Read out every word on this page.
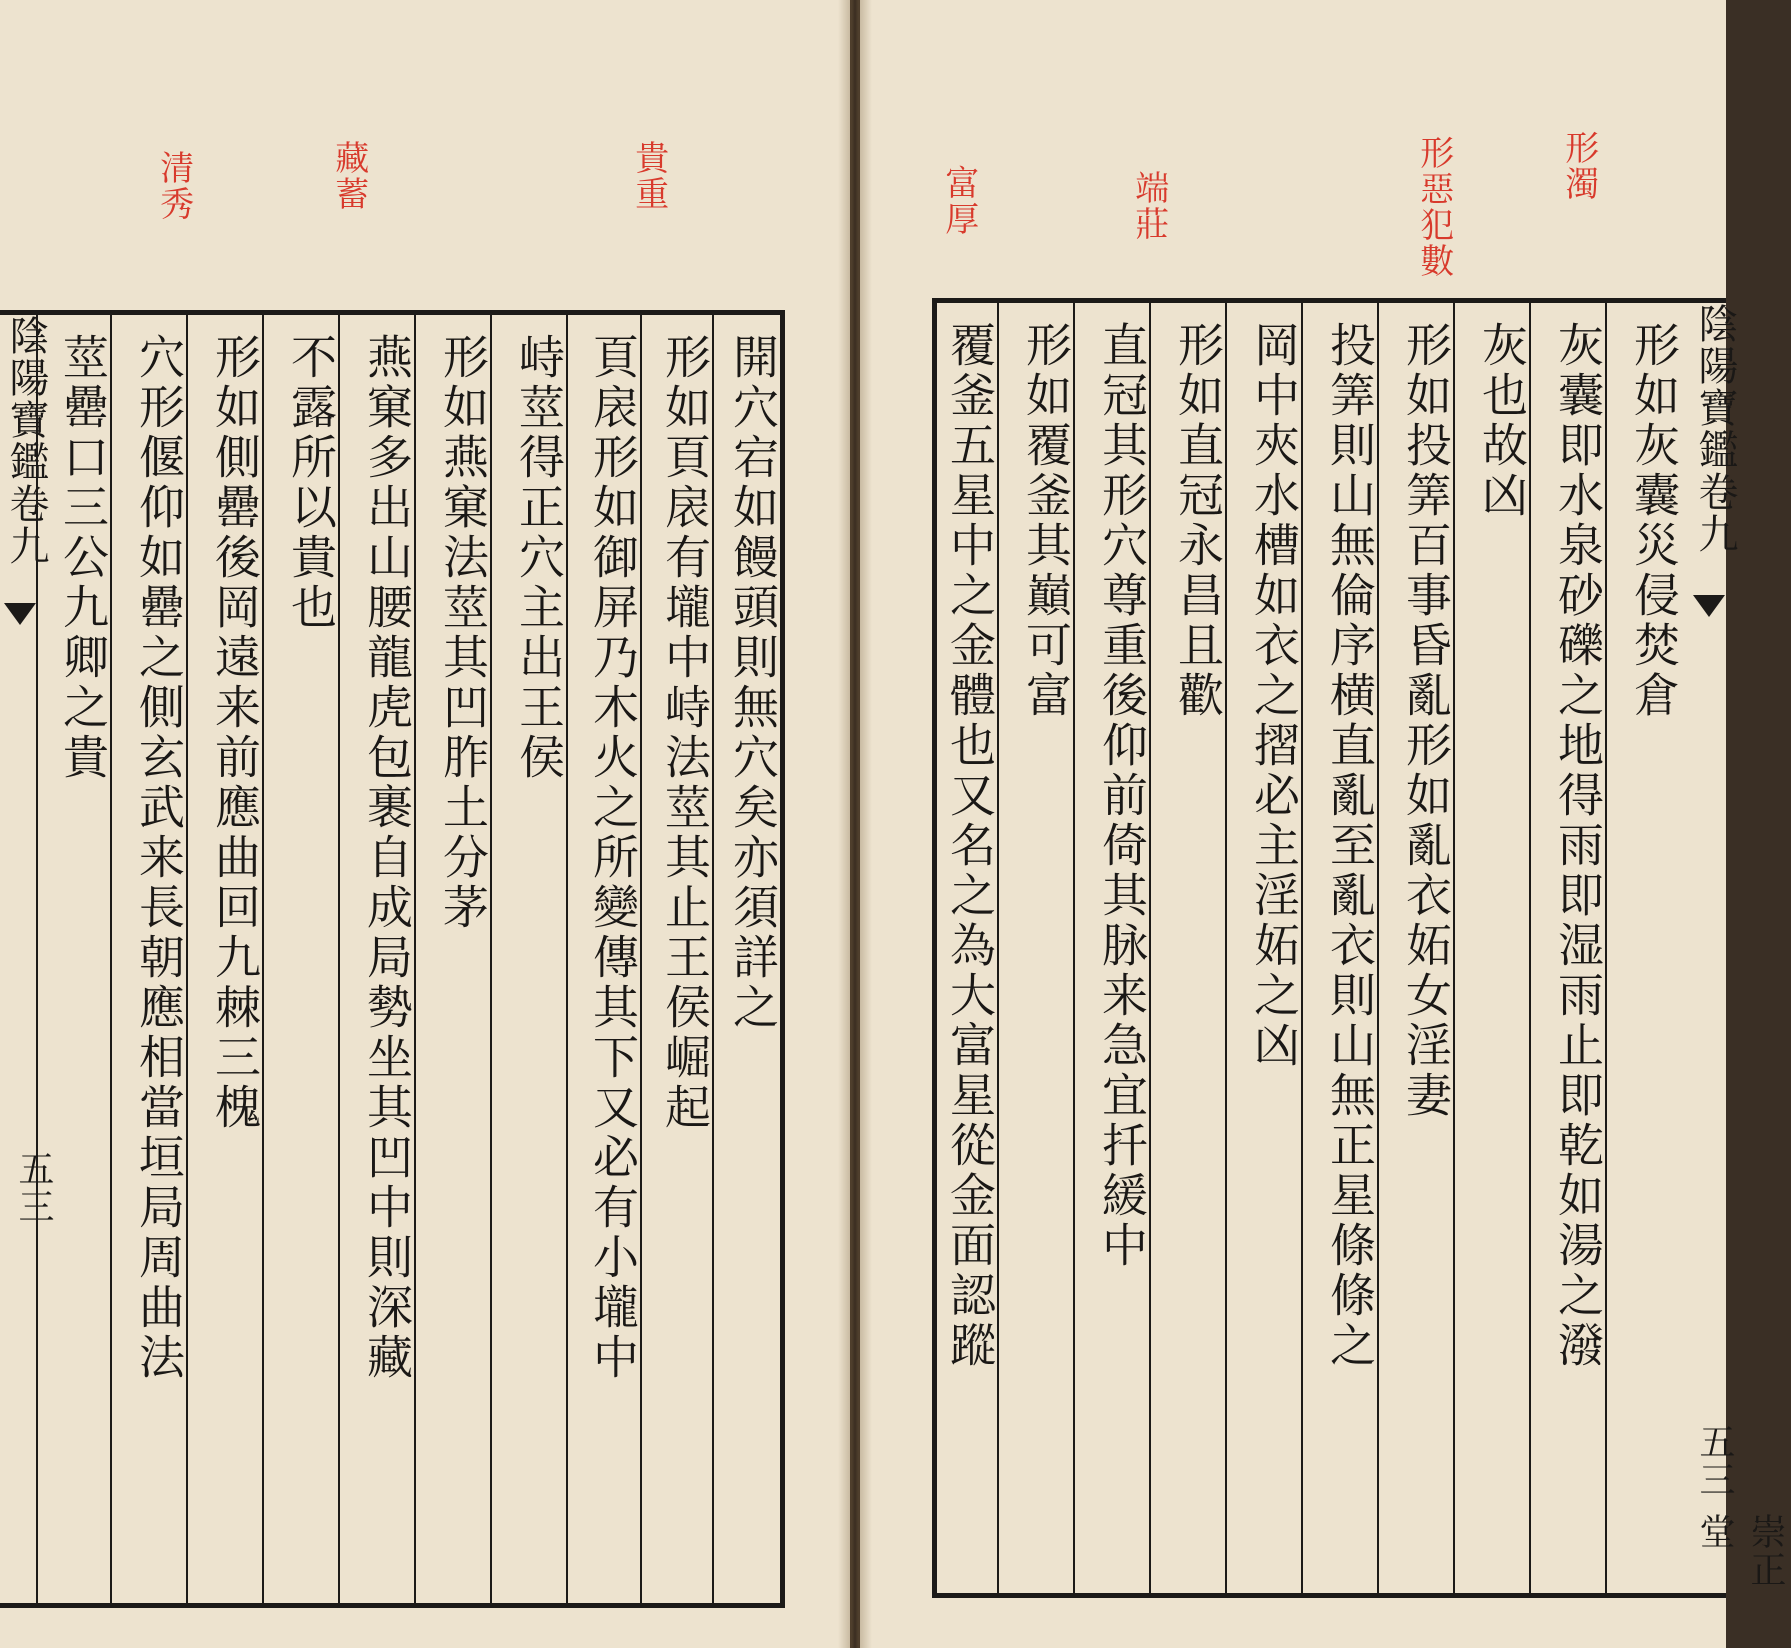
貴重
藏蓄
清秀
陰陽寶鑑卷九	開穴宕如饅頭則無穴矣亦須詳之
形如頁扆有壠中峙法莖其止王侯崛起
頁扆形如御屏乃木火之所變傳其下又必有小壠中
峙莖得正穴主出王侯
形如燕窠法莖其凹胙土分茅
燕窠多出山腰龍虎包裹自成局勢坐其凹中則深藏
不露所以貴也
形如側罍後岡遠来前應曲回九棘三槐
穴形偃仰如罍之側玄武来長朝應相當垣局周曲法
莖罍口三公九卿之貴
五三
形濁
形惡犯數
端莊
富厚
陰陽寶鑑卷九
五三
崇正堂
形如灰囊災侵焚倉
灰囊即水泉砂礫之地得雨即湿雨止即乾如湯之潑
灰也故凶
形如投筭百事昏亂形如亂衣妬女淫妻
投筭則山無倫序横直亂至亂衣則山無正星條條之
岡中夾水槽如衣之摺必主淫妬之凶
形如直冠永昌且歡
直冠其形穴尊重後仰前倚其脉来急宜扦緩中
形如覆釜其巔可富
覆釜五星中之金體也又名之為大富星從金面認蹤
